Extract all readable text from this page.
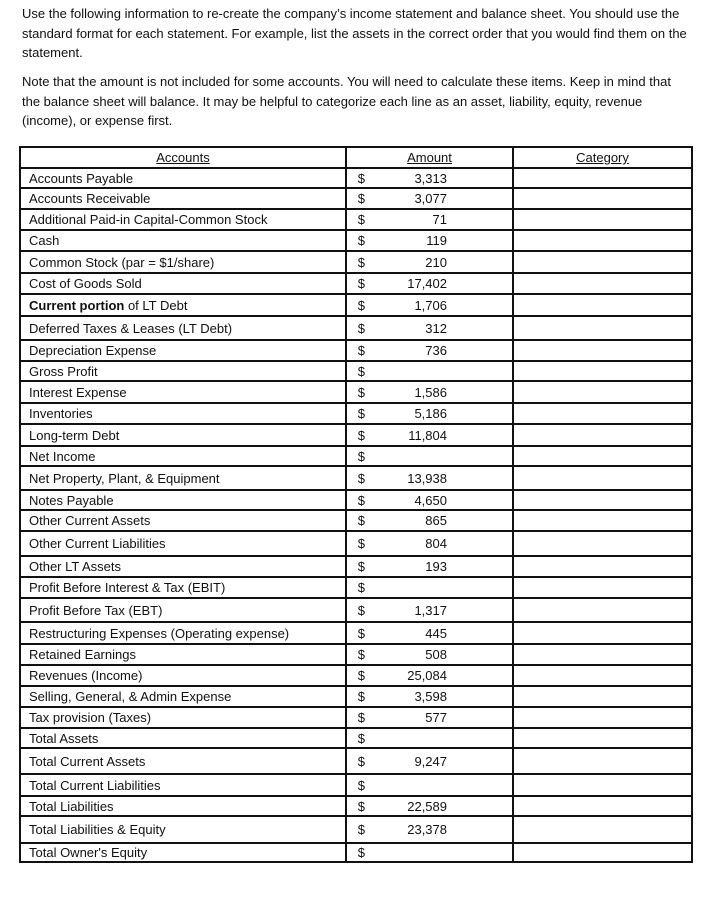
Use the following information to re-create the company’s income statement and balance sheet. You should use the standard format for each statement. For example, list the assets in the correct order that you would find them on the statement.

Note that the amount is not included for some accounts. You will need to calculate these items. Keep in mind that the balance sheet will balance. It may be helpful to categorize each line as an asset, liability, equity, revenue (income), or expense first.

Accounts	Amount	Category
Accounts Payable	$ 3,313	

Accounts Receivable	$ 3,077	

Additional Paid-in Capital-Common Stock	$ 71	

Cash	$ 119	

Common Stock (par = $1/share)	$ 210	

Cost of Goods Sold	$ 17,402	

Current portion of LT Debt	$ 1,706	

Deferred Taxes & Leases (LT Debt)	$ 312	

Depreciation Expense	$ 736	

Gross Profit	$	

Interest Expense	$ 1,586	

Inventories	$ 5,186	

Long-term Debt	$ 11,804	

Net Income	$	

Net Property, Plant, & Equipment	$ 13,938	

Notes Payable	$ 4,650	

Other Current Assets	$ 865	

Other Current Liabilities	$ 804	

Other LT Assets	$ 193	

Profit Before Interest & Tax (EBIT)	$	

Profit Before Tax (EBT)	$ 1,317	

Restructuring Expenses (Operating expense)	$ 445	

Retained Earnings	$ 508	

Revenues (Income)	$ 25,084	

Selling, General, & Admin Expense	$ 3,598	

Tax provision (Taxes)	$ 577	

Total Assets	$	

Total Current Assets	$ 9,247	

Total Current Liabilities	$	

Total Liabilities	$ 22,589	

Total Liabilities & Equity	$ 23,378	

Total Owner's Equity	$	
